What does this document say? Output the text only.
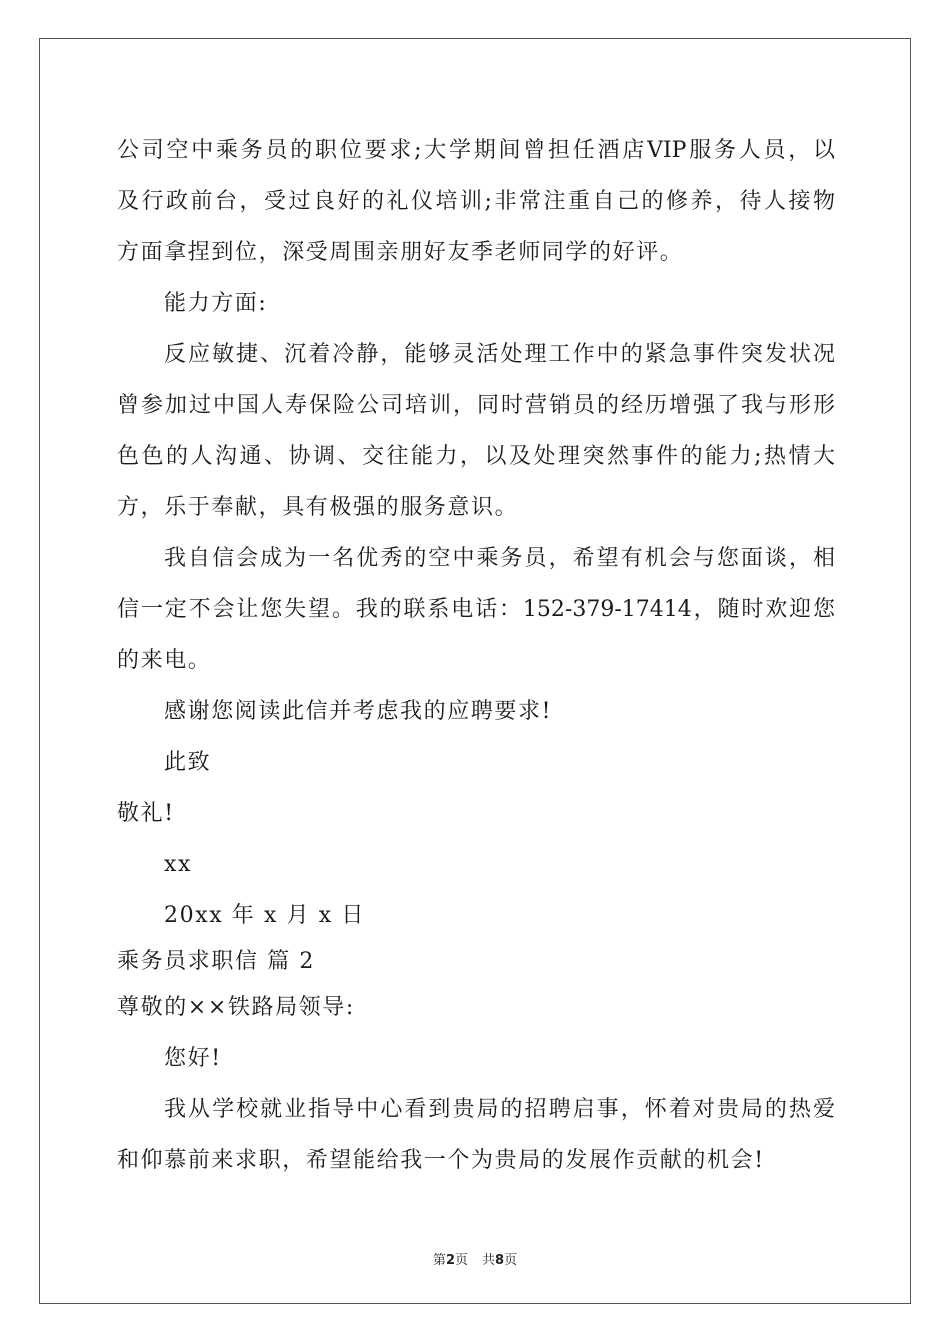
公司空中乘务员的职位要求;大学期间曾担任酒店VIP服务人员，以
及行政前台，受过良好的礼仪培训;非常注重自己的修养，待人接物
方面拿捏到位，深受周围亲朋好友季老师同学的好评。
能力方面:
反应敏捷、沉着冷静，能够灵活处理工作中的紧急事件突发状况
曾参加过中国人寿保险公司培训，同时营销员的经历增强了我与形形
色色的人沟通、协调、交往能力，以及处理突然事件的能力;热情大
方，乐于奉献，具有极强的服务意识。
我自信会成为一名优秀的空中乘务员，希望有机会与您面谈，相
信一定不会让您失望。我的联系电话：152-379-17414，随时欢迎您
的来电。
感谢您阅读此信并考虑我的应聘要求!
此致
敬礼!
xx
20xx 年 x 月 x 日
乘务员求职信 篇 2
尊敬的××铁路局领导:
您好!
我从学校就业指导中心看到贵局的招聘启事，怀着对贵局的热爱
和仰慕前来求职，希望能给我一个为贵局的发展作贡献的机会!
第2页 共8页
